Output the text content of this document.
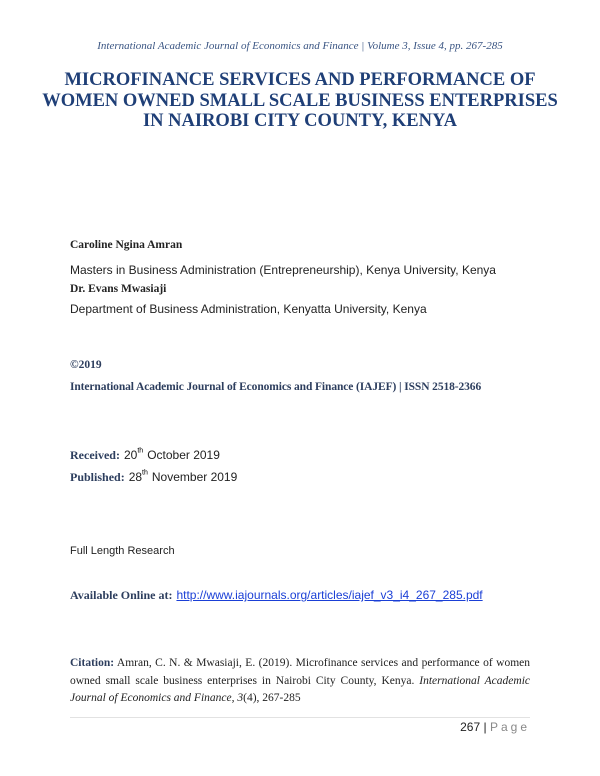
International Academic Journal of Economics and Finance | Volume 3, Issue 4, pp. 267-285
MICROFINANCE SERVICES AND PERFORMANCE OF WOMEN OWNED SMALL SCALE BUSINESS ENTERPRISES IN NAIROBI CITY COUNTY, KENYA
Caroline Ngina Amran
Masters in Business Administration (Entrepreneurship), Kenya University, Kenya
Dr. Evans Mwasiaji
Department of Business Administration, Kenyatta University, Kenya
©2019
International Academic Journal of Economics and Finance (IAJEF) | ISSN 2518-2366
Received: 20th October 2019
Published: 28th November 2019
Full Length Research
Available Online at: http://www.iajournals.org/articles/iajef_v3_i4_267_285.pdf
Citation: Amran, C. N. & Mwasiaji, E. (2019). Microfinance services and performance of women owned small scale business enterprises in Nairobi City County, Kenya. International Academic Journal of Economics and Finance, 3(4), 267-285
267 | Page
